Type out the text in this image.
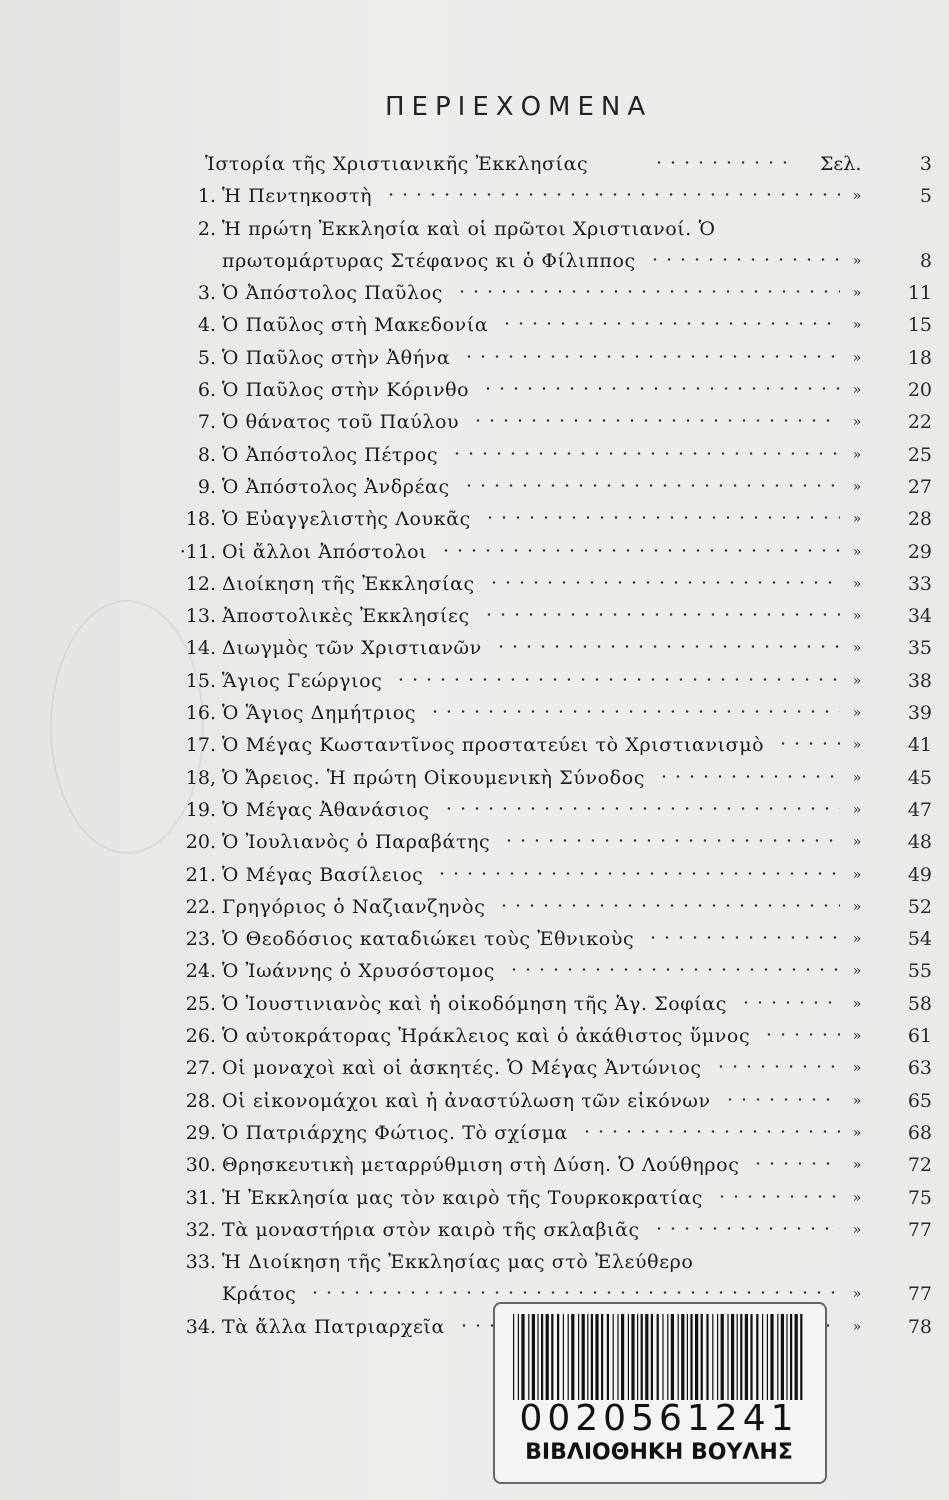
ΠΕΡΙΕΧΟΜΕΝΑ
Ἱστορία τῆς Χριστιανικῆς Ἐκκλησίας	Σελ.	3
1. Ἡ Πεντηκοστὴ	»	5
2. Ἡ πρώτη Ἐκκλησία καὶ οἱ πρῶτοι Χριστιανοί. Ὁ
πρωτομάρτυρας Στέφανος κι ὁ Φίλιππος	»	8
3. Ὁ Ἀπόστολος Παῦλος	»	11
4. Ὁ Παῦλος στὴ Μακεδονία	»	15
5. Ὁ Παῦλος στὴν Ἀθήνα	»	18
6. Ὁ Παῦλος στὴν Κόρινθο	»	20
7. Ὁ θάνατος τοῦ Παύλου	»	22
8. Ὁ Ἀπόστολος Πέτρος	»	25
9. Ὁ Ἀπόστολος Ἀνδρέας	»	27
18. Ὁ Εὐαγγελιστὴς Λουκᾶς	»	28
·11. Οἱ ἄλλοι Ἀπόστολοι	»	29
12. Διοίκηση τῆς Ἐκκλησίας	»	33
13. Ἀποστολικὲς Ἐκκλησίες	»	34
14. Διωγμὸς τῶν Χριστιανῶν	»	35
15. Ἅγιος Γεώργιος	»	38
16. Ὁ Ἅγιος Δημήτριος	»	39
17. Ὁ Μέγας Κωσταντῖνος προστατεύει τὸ Χριστιανισμὸ	»	41
18, Ὁ Ἄρειος. Ἡ πρώτη Οἰκουμενικὴ Σύνοδος	»	45
19. Ὁ Μέγας Ἀθανάσιος	»	47
20. Ὁ Ἰουλιανὸς ὁ Παραβάτης	»	48
21. Ὁ Μέγας Βασίλειος	»	49
22. Γρηγόριος ὁ Ναζιανζηνὸς	»	52
23. Ὁ Θεοδόσιος καταδιώκει τοὺς Ἐθνικοὺς	»	54
24. Ὁ Ἰωάννης ὁ Χρυσόστομος	»	55
25. Ὁ Ἰουστινιανὸς καὶ ἡ οἰκοδόμηση τῆς Ἁγ. Σοφίας	»	58
26. Ὁ αὐτοκράτορας Ἡράκλειος καὶ ὁ ἀκάθιστος ὕμνος	»	61
27. Οἱ μοναχοὶ καὶ οἱ ἀσκητές. Ὁ Μέγας Ἀντώνιος	»	63
28. Οἱ εἰκονομάχοι καὶ ἡ ἀναστύλωση τῶν εἰκόνων	»	65
29. Ὁ Πατριάρχης Φώτιος. Τὸ σχίσμα	»	68
30. Θρησκευτικὴ μεταρρύθμιση στὴ Δύση. Ὁ Λούθηρος	»	72
31. Ἡ Ἐκκλησία μας τὸν καιρὸ τῆς Τουρκοκρατίας	»	75
32. Τὰ μοναστήρια στὸν καιρὸ τῆς σκλαβιᾶς	»	77
33. Ἡ Διοίκηση τῆς Ἐκκλησίας μας στὸ Ἐλεύθερο
Κράτος	»	77
34. Τὰ ἄλλα Πατριαρχεῖα	»	78
0020561241
ΒΙΒΛΙΟΘΗΚΗ ΒΟΥΛΗΣ
